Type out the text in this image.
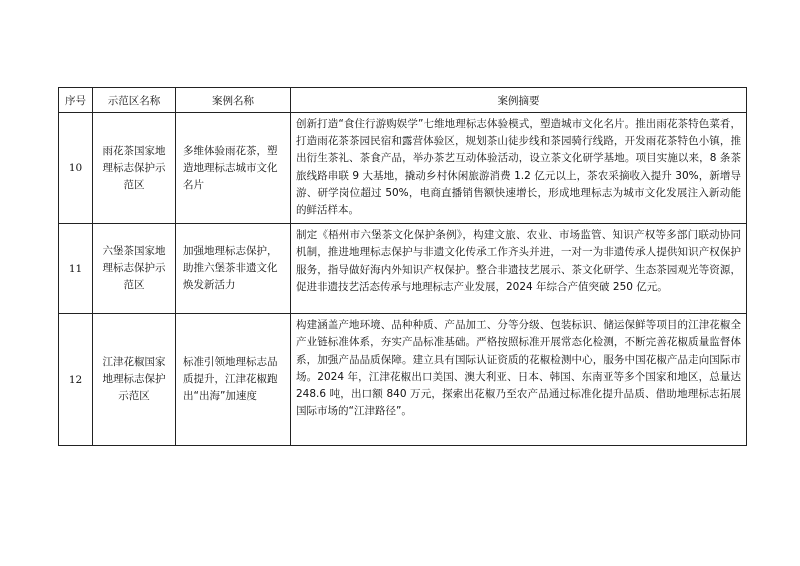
序号	示范区名称	案例名称	案例摘要
10	雨花茶国家地理标志保护示范区	多维体验雨花茶，塑造地理标志城市文化名片	创新打造“食住行游购娱学”七维地理标志体验模式，塑造城市文化名片。推出雨花茶特色菜肴，打造雨花茶茶园民宿和露营体验区，规划茶山徒步线和茶园骑行线路，开发雨花茶特色小镇，推出衍生茶礼、茶食产品，举办茶艺互动体验活动，设立茶文化研学基地。项目实施以来，8 条茶旅线路串联 9 大基地，撬动乡村休闲旅游消费 1.2 亿元以上，茶农采摘收入提升 30%，新增导游、研学岗位超过 50%，电商直播销售额快速增长，形成地理标志为城市文化发展注入新动能的鲜活样本。
11	六堡茶国家地理标志保护示范区	加强地理标志保护，助推六堡茶非遗文化焕发新活力	制定《梧州市六堡茶文化保护条例》，构建文旅、农业、市场监管、知识产权等多部门联动协同机制，推进地理标志保护与非遗文化传承工作齐头并进，一对一为非遗传承人提供知识产权保护服务，指导做好海内外知识产权保护。整合非遗技艺展示、茶文化研学、生态茶园观光等资源，促进非遗技艺活态传承与地理标志产业发展，2024 年综合产值突破 250 亿元。
12	江津花椒国家地理标志保护示范区	标准引领地理标志品质提升，江津花椒跑出“出海”加速度	构建涵盖产地环境、品种种质、产品加工、分等分级、包装标识、储运保鲜等项目的江津花椒全产业链标准体系，夯实产品标准基础。严格按照标准开展常态化检测，不断完善花椒质量监督体系，加强产品品质保障。建立具有国际认证资质的花椒检测中心，服务中国花椒产品走向国际市场。2024 年，江津花椒出口美国、澳大利亚、日本、韩国、东南亚等多个国家和地区，总量达 248.6 吨，出口额 840 万元，探索出花椒乃至农产品通过标准化提升品质、借助地理标志拓展国际市场的“江津路径”。
